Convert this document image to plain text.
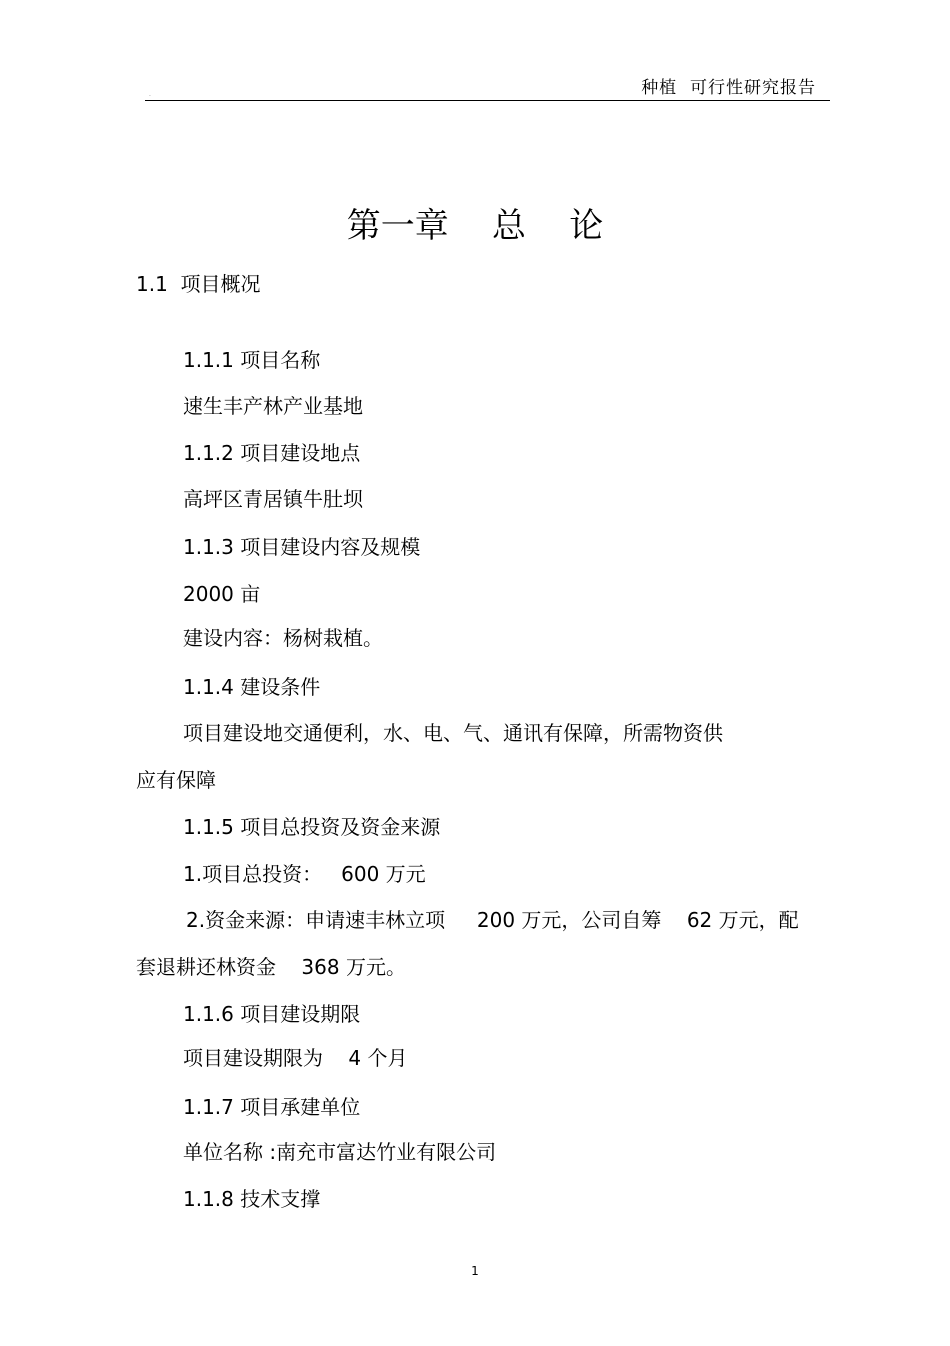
.	种植  可行性研究报告
第一章    总    论
1.1  项目概况
1.1.1 项目名称
速生丰产林产业基地
1.1.2 项目建设地点
高坪区青居镇牛肚坝
1.1.3 项目建设内容及规模
2000 亩
建设内容：杨树栽植。
1.1.4 建设条件
项目建设地交通便利，水、电、气、通讯有保障，所需物资供
应有保障
1.1.5 项目总投资及资金来源
1.项目总投资：   600 万元
2.资金来源：申请速丰林立项     200 万元，公司自筹    62 万元，配
套退耕还林资金    368 万元。
1.1.6 项目建设期限
项目建设期限为    4 个月
1.1.7 项目承建单位
单位名称 :南充市富达竹业有限公司
1.1.8 技术支撑
1
